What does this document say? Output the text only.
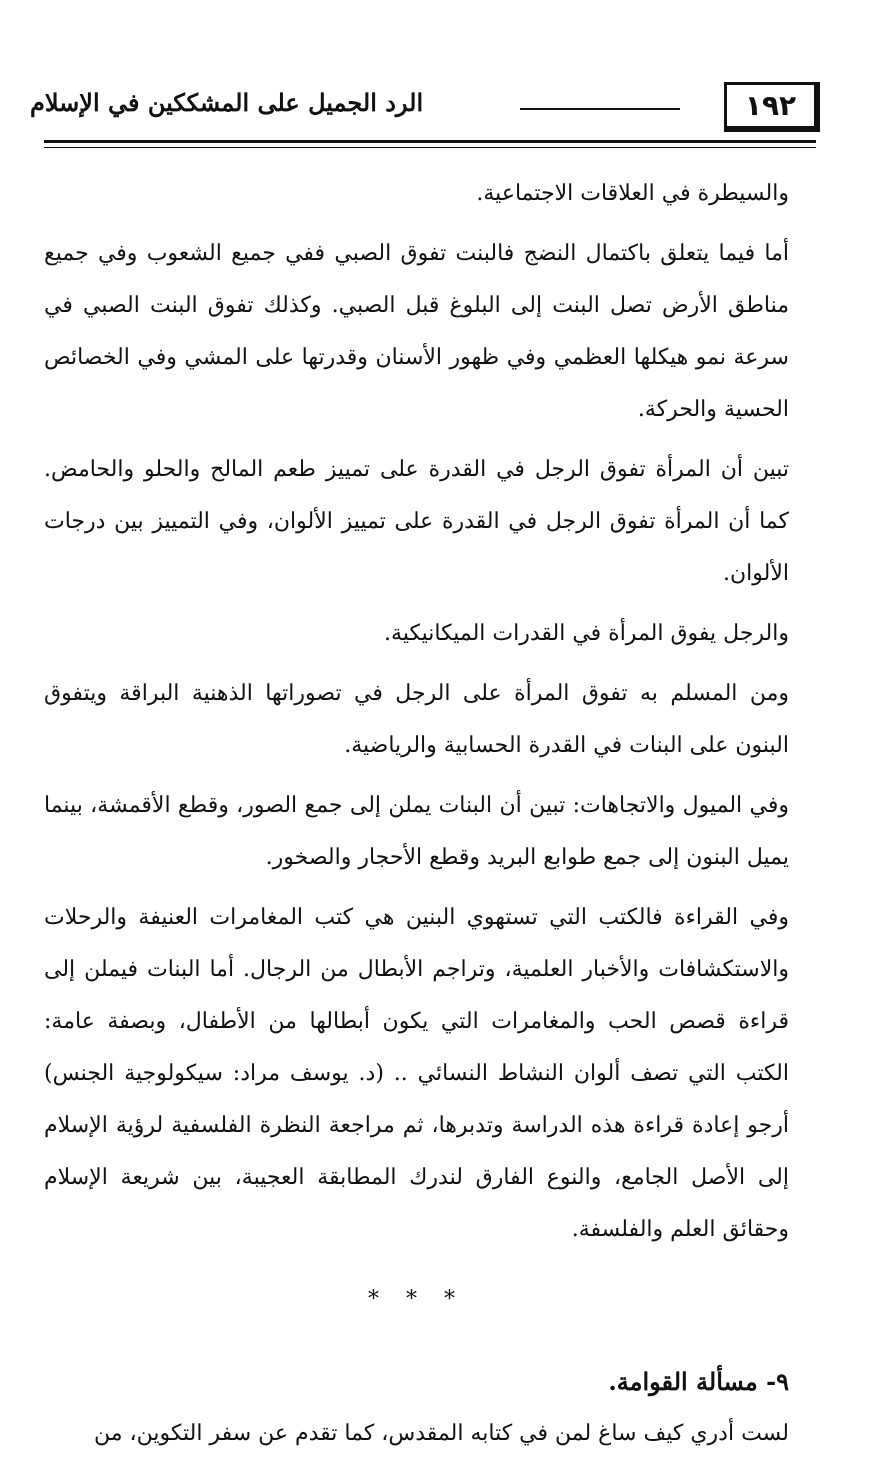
١٩٢
الرد الجميل على المشككين في الإسلام

والسيطرة في العلاقات الاجتماعية.

أما فيما يتعلق باكتمال النضج فالبنت تفوق الصبي ففي جميع الشعوب وفي جميع مناطق الأرض تصل البنت إلى البلوغ قبل الصبي. وكذلك تفوق البنت الصبي في سرعة نمو هيكلها العظمي وفي ظهور الأسنان وقدرتها على المشي وفي الخصائص الحسية والحركة.

تبين أن المرأة تفوق الرجل في القدرة على تمييز طعم المالح والحلو والحامض. كما أن المرأة تفوق الرجل في القدرة على تمييز الألوان، وفي التمييز بين درجات الألوان.

والرجل يفوق المرأة في القدرات الميكانيكية.

ومن المسلم به تفوق المرأة على الرجل في تصوراتها الذهنية البراقة ويتفوق البنون على البنات في القدرة الحسابية والرياضية.

وفي الميول والاتجاهات: تبين أن البنات يملن إلى جمع الصور، وقطع الأقمشة، بينما يميل البنون إلى جمع طوابع البريد وقطع الأحجار والصخور.

وفي القراءة فالكتب التي تستهوي البنين هي كتب المغامرات العنيفة والرحلات والاستكشافات والأخبار العلمية، وتراجم الأبطال من الرجال. أما البنات فيملن إلى قراءة قصص الحب والمغامرات التي يكون أبطالها من الأطفال، وبصفة عامة: الكتب التي تصف ألوان النشاط النسائي .. (د. يوسف مراد: سيكولوجية الجنس) أرجو إعادة قراءة هذه الدراسة وتدبرها، ثم مراجعة النظرة الفلسفية لرؤية الإسلام إلى الأصل الجامع، والنوع الفارق لندرك المطابقة العجيبة، بين شريعة الإسلام وحقائق العلم والفلسفة.

* * *
٩- مسألة القوامة.

لست أدري كيف ساغ لمن في كتابه المقدس، كما تقدم عن سفر التكوين، من
